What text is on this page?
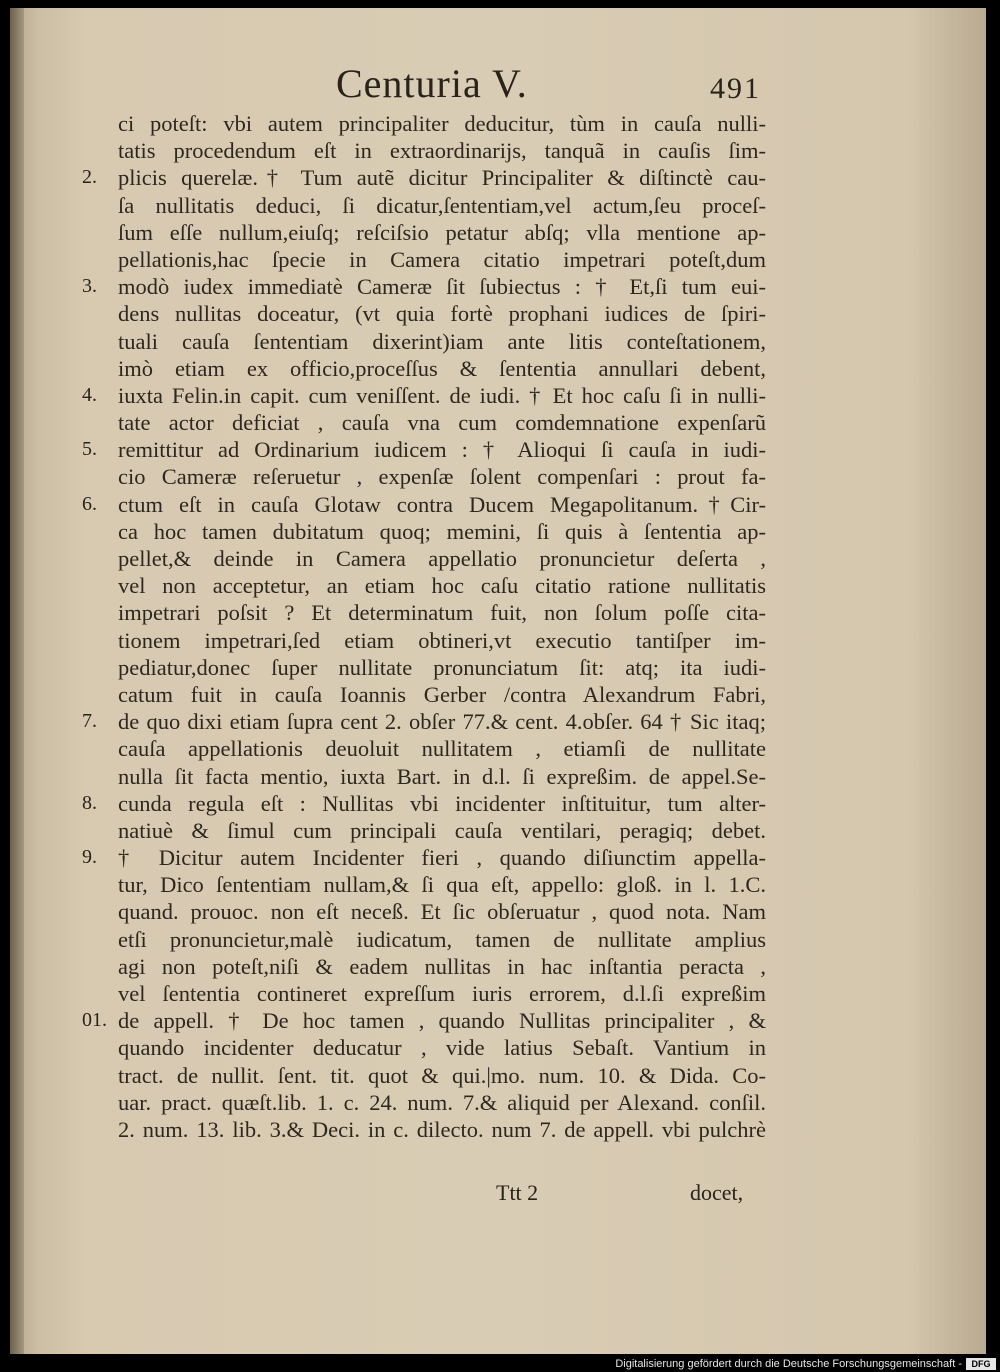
Centuria V.	491
ci poteſt: vbi autem principaliter deducitur, tùm in cauſa nulli-
tatis procedendum eſt in extraordinarijs, tanquã in cauſis ſim-
2. plicis querelæ.† Tum autẽ dicitur Principaliter & diſtinctè cau-
ſa nullitatis deduci, ſi dicatur,ſententiam,vel actum,ſeu proceſ-
ſum eſſe nullum,eiuſq; reſciſsio petatur abſq; vlla mentione ap-
pellationis,hac ſpecie in Camera citatio impetrari poteſt,dum
3. modò iudex immediatè Cameræ ſit ſubiectus : † Et,ſi tum eui-
dens nullitas doceatur, (vt quia fortè prophani iudices de ſpiri-
tuali cauſa ſententiam dixerint)iam ante litis conteſtationem,
imò etiam ex officio,proceſſus & ſententia annullari debent,
4. iuxta Felin.in capit. cum veniſſent. de iudi. † Et hoc caſu ſi in nulli-
tate actor deficiat , cauſa vna cum comdemnatione expenſarũ
5. remittitur ad Ordinarium iudicem : † Alioqui ſi cauſa in iudi-
cio Cameræ reſeruetur , expenſæ ſolent compenſari : prout fa-
6. ctum eſt in cauſa Glotaw contra Ducem Megapolitanum.†Cir-
ca hoc tamen dubitatum quoq; memini, ſi quis à ſententia ap-
pellet,& deinde in Camera appellatio pronuncietur deſerta ,
vel non acceptetur, an etiam hoc caſu citatio ratione nullitatis
impetrari poſsit ? Et determinatum fuit, non ſolum poſſe cita-
tionem impetrari,ſed etiam obtineri,vt executio tantiſper im-
pediatur,donec ſuper nullitate pronunciatum ſit: atq; ita iudi-
catum fuit in cauſa Ioannis Gerber /contra Alexandrum Fabri,
7. de quo dixi etiam ſupra cent 2. obſer 77.& cent. 4.obſer. 64 † Sic itaq;
cauſa appellationis deuoluit nullitatem , etiamſi de nullitate
nulla ſit facta mentio, iuxta Bart. in d.l. ſi expreßim. de appel.Se-
8. cunda regula eſt : Nullitas vbi incidenter inſtituitur, tum alter-
natiuè & ſimul cum principali cauſa ventilari, peragiq; debet.
9. † Dicitur autem Incidenter fieri , quando diſiunctim appella-
tur, Dico ſententiam nullam,& ſi qua eſt, appello: gloß. in l. 1.C.
quand. prouoc. non eſt neceß. Et ſic obſeruatur , quod nota. Nam
etſi pronuncietur,malè iudicatum, tamen de nullitate amplius
agi non poteſt,niſi & eadem nullitas in hac inſtantia peracta ,
vel ſententia contineret expreſſum iuris errorem, d.l.ſi expreßim
01. de appell. † De hoc tamen , quando Nullitas principaliter , &
quando incidenter deducatur , vide latius Sebaſt. Vantium in
tract. de nullit. ſent. tit. quot & qui.|mo. num. 10. & Dida. Co-
uar. pract. quæſt.lib. 1. c. 24. num. 7.& aliquid per Alexand. conſil.
2. num. 13. lib. 3.& Deci. in c. dilecto. num 7. de appell. vbi pulchrè
Ttt 2	docet,
Digitalisierung gefördert durch die Deutsche Forschungsgemeinschaft -	DFG
